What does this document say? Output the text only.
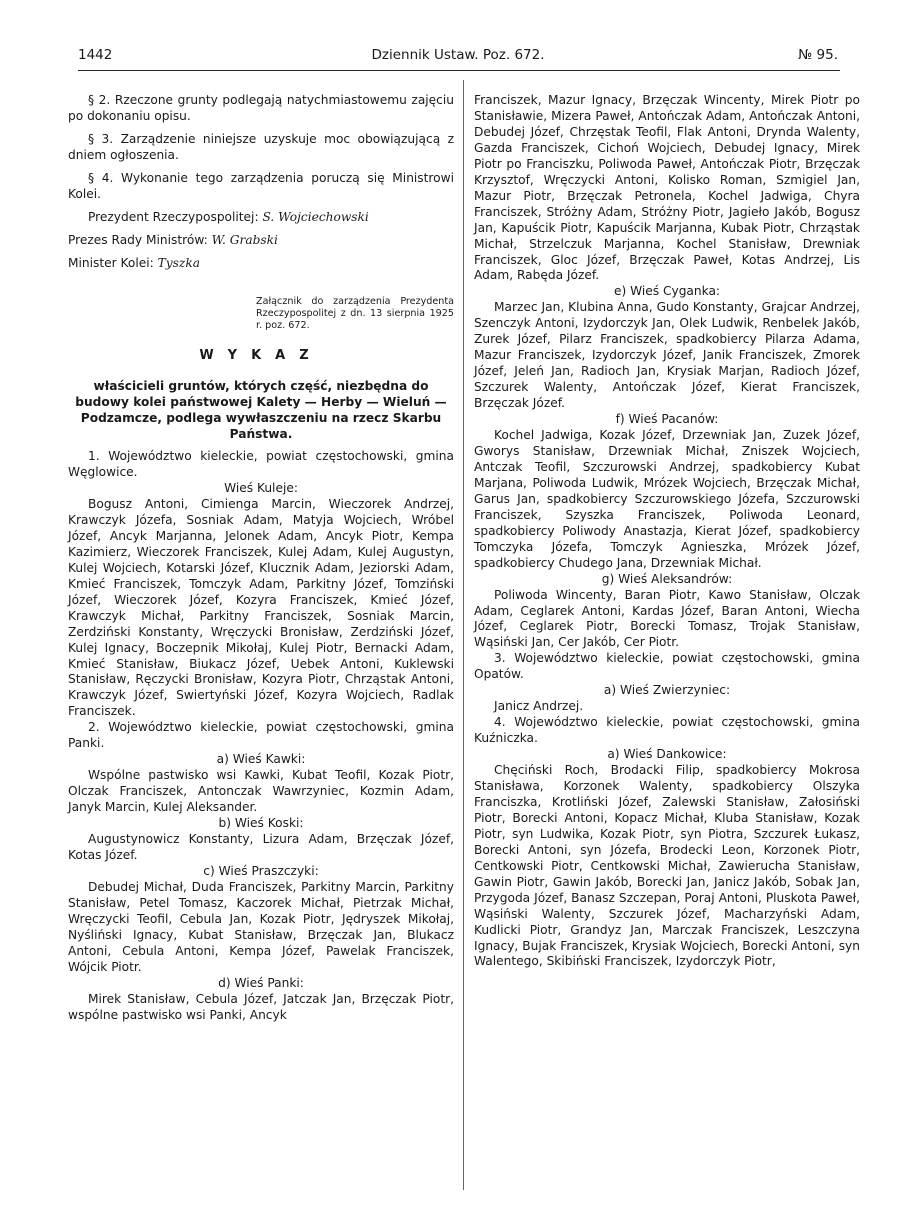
Dziennik Ustaw. Poz. 672.
1442	№ 95.

§ 2. Rzeczone grunty podlegają natychmiastowemu zajęciu po dokonaniu opisu.

§ 3. Zarządzenie niniejsze uzyskuje moc obowiązującą z dniem ogłoszenia.

§ 4. Wykonanie tego zarządzenia poruczą się Ministrowi Kolei.

Prezydent Rzeczypospolitej: S. Wojciechowski

Prezes Rady Ministrów: W. Grabski

Minister Kolei: Tyszka

Załącznik do zarządzenia Prezydenta Rzeczypospolitej z dn. 13 sierpnia 1925 r. poz. 672.

WYKAZ

właścicieli gruntów, których część, niezbędna do budowy kolei państwowej Kalety — Herby — Wieluń — Podzamcze, podlega wywłaszczeniu na rzecz Skarbu Państwa.

1. Województwo kieleckie, powiat częstochowski, gmina Węglowice.

Wieś Kuleje:

Bogusz Antoni, Cimienga Marcin, Wieczorek Andrzej, Krawczyk Józefa, Sosniak Adam, Matyja Wojciech, Wróbel Józef, Ancyk Marjanna, Jelonek Adam, Ancyk Piotr, Kempa Kazimierz, Wieczorek Franciszek, Kulej Adam, Kulej Augustyn, Kulej Wojciech, Kotarski Józef, Klucznik Adam, Jeziorski Adam, Kmieć Franciszek, Tomczyk Adam, Parkitny Józef, Tomziński Józef, Wieczorek Józef, Kozyra Franciszek, Kmieć Józef, Krawczyk Michał, Parkitny Franciszek, Sosniak Marcin, Zerdziński Konstanty, Wręczycki Bronisław, Zerdziński Józef, Kulej Ignacy, Boczepnik Mikołaj, Kulej Piotr, Bernacki Adam, Kmieć Stanisław, Biukacz Józef, Uebek Antoni, Kuklewski Stanisław, Ręczycki Bronisław, Kozyra Piotr, Chrząstak Antoni, Krawczyk Józef, Swiertyński Józef, Kozyra Wojciech, Radlak Franciszek.

2. Województwo kieleckie, powiat częstochowski, gmina Panki.

a) Wieś Kawki:

Wspólne pastwisko wsi Kawki, Kubat Teofil, Kozak Piotr, Olczak Franciszek, Antonczak Wawrzyniec, Kozmin Adam, Janyk Marcin, Kulej Aleksander.

b) Wieś Koski:

Augustynowicz Konstanty, Lizura Adam, Brzęczak Józef, Kotas Józef.

c) Wieś Praszczyki:

Debudej Michał, Duda Franciszek, Parkitny Marcin, Parkitny Stanisław, Petel Tomasz, Kaczorek Michał, Pietrzak Michał, Wręczycki Teofil, Cebula Jan, Kozak Piotr, Jędryszek Mikołaj, Nyśliński Ignacy, Kubat Stanisław, Brzęczak Jan, Blukacz Antoni, Cebula Antoni, Kempa Józef, Pawelak Franciszek, Wójcik Piotr.

d) Wieś Panki:

Mirek Stanisław, Cebula Józef, Jatczak Jan, Brzęczak Piotr, wspólne pastwisko wsi Panki, Ancyk

Franciszek, Mazur Ignacy, Brzęczak Wincenty, Mirek Piotr po Stanisławie, Mizera Paweł, Antończak Adam, Antończak Antoni, Debudej Józef, Chrzęstak Teofil, Flak Antoni, Drynda Walenty, Gazda Franciszek, Cichoń Wojciech, Debudej Ignacy, Mirek Piotr po Franciszku, Poliwoda Paweł, Antończak Piotr, Brzęczak Krzysztof, Wręczycki Antoni, Kolisko Roman, Szmigiel Jan, Mazur Piotr, Brzęczak Petronela, Kochel Jadwiga, Chyra Franciszek, Stróżny Adam, Stróżny Piotr, Jagieło Jakób, Bogusz Jan, Kapuścik Piotr, Kapuścik Marjanna, Kubak Piotr, Chrząstak Michał, Strzelczuk Marjanna, Kochel Stanisław, Drewniak Franciszek, Gloc Józef, Brzęczak Paweł, Kotas Andrzej, Lis Adam, Rabęda Józef.

e) Wieś Cyganka:

Marzec Jan, Klubina Anna, Gudo Konstanty, Grajcar Andrzej, Szenczyk Antoni, Izydorczyk Jan, Olek Ludwik, Renbelek Jakób, Zurek Józef, Pilarz Franciszek, spadkobiercy Pilarza Adama, Mazur Franciszek, Izydorczyk Józef, Janik Franciszek, Zmorek Józef, Jeleń Jan, Radioch Jan, Krysiak Marjan, Radioch Józef, Szczurek Walenty, Antończak Józef, Kierat Franciszek, Brzęczak Józef.

f) Wieś Pacanów:

Kochel Jadwiga, Kozak Józef, Drzewniak Jan, Zuzek Józef, Gworys Stanisław, Drzewniak Michał, Zniszek Wojciech, Antczak Teofil, Szczurowski Andrzej, spadkobiercy Kubat Marjana, Poliwoda Ludwik, Mrózek Wojciech, Brzęczak Michał, Garus Jan, spadkobiercy Szczurowskiego Józefa, Szczurowski Franciszek, Szyszka Franciszek, Poliwoda Leonard, spadkobiercy Poliwody Anastazja, Kierat Józef, spadkobiercy Tomczyka Józefa, Tomczyk Agnieszka, Mrózek Józef, spadkobiercy Chudego Jana, Drzewniak Michał.

g) Wieś Aleksandrów:

Poliwoda Wincenty, Baran Piotr, Kawo Stanisław, Olczak Adam, Ceglarek Antoni, Kardas Józef, Baran Antoni, Wiecha Józef, Ceglarek Piotr, Borecki Tomasz, Trojak Stanisław, Wąsiński Jan, Cer Jakób, Cer Piotr.

3. Województwo kieleckie, powiat częstochowski, gmina Opatów.

a) Wieś Zwierzyniec:

Janicz Andrzej.

4. Województwo kieleckie, powiat częstochowski, gmina Kuźniczka.

a) Wieś Dankowice:

Chęciński Roch, Brodacki Filip, spadkobiercy Mokrosa Stanisława, Korzonek Walenty, spadkobiercy Olszyka Franciszka, Krotliński Józef, Zalewski Stanisław, Załosiński Piotr, Borecki Antoni, Kopacz Michał, Kluba Stanisław, Kozak Piotr, syn Ludwika, Kozak Piotr, syn Piotra, Szczurek Łukasz, Borecki Antoni, syn Józefa, Brodecki Leon, Korzonek Piotr, Centkowski Piotr, Centkowski Michał, Zawierucha Stanisław, Gawin Piotr, Gawin Jakób, Borecki Jan, Janicz Jakób, Sobak Jan, Przygoda Józef, Banasz Szczepan, Poraj Antoni, Pluskota Paweł, Wąsiński Walenty, Szczurek Józef, Macharzyński Adam, Kudlicki Piotr, Grandyz Jan, Marczak Franciszek, Leszczyna Ignacy, Bujak Franciszek, Krysiak Wojciech, Borecki Antoni, syn Walentego, Skibiński Franciszek, Izydorczyk Piotr,
